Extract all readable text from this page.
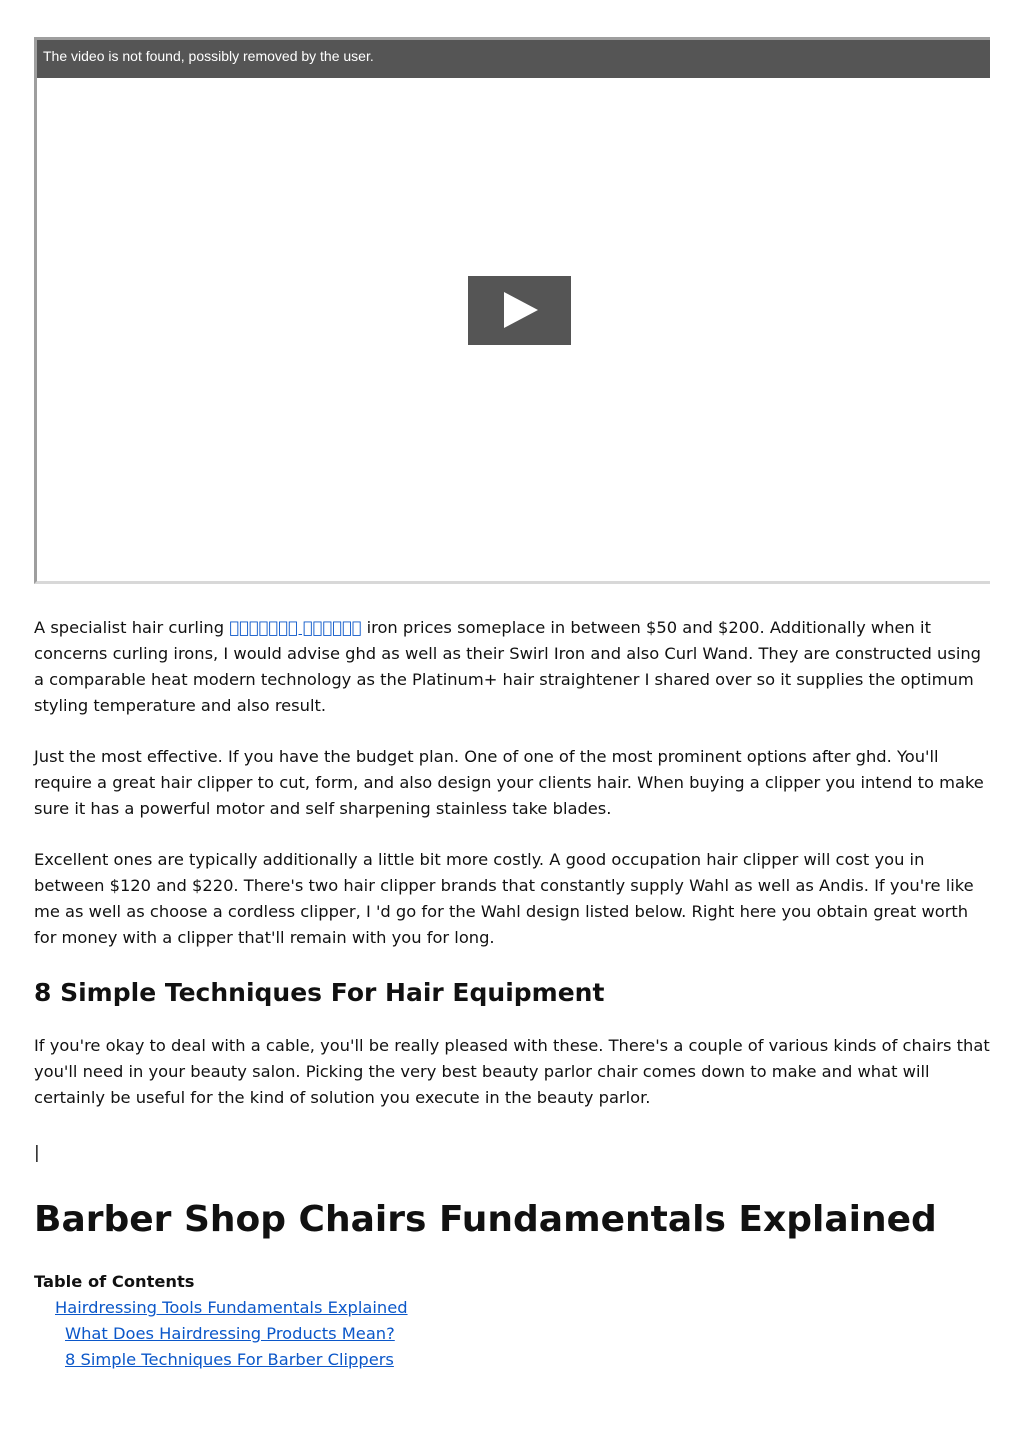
The video is not found, possibly removed by the user.

A specialist hair curling                iron prices someplace in between $50 and $200. Additionally when it concerns curling irons, I would advise ghd as well as their Swirl Iron and also Curl Wand. They are constructed using a comparable heat modern technology as the Platinum+ hair straightener I shared over so it supplies the optimum styling temperature and also result.

Just the most effective. If you have the budget plan. One of one of the most prominent options after ghd. You'll require a great hair clipper to cut, form, and also design your clients hair. When buying a clipper you intend to make sure it has a powerful motor and self sharpening stainless take blades.

Excellent ones are typically additionally a little bit more costly. A good occupation hair clipper will cost you in between $120 and $220. There's two hair clipper brands that constantly supply Wahl as well as Andis. If you're like me as well as choose a cordless clipper, I 'd go for the Wahl design listed below. Right here you obtain great worth for money with a clipper that'll remain with you for long.

8 Simple Techniques For Hair Equipment

If you're okay to deal with a cable, you'll be really pleased with these. There's a couple of various kinds of chairs that you'll need in your beauty salon. Picking the very best beauty parlor chair comes down to make and what will certainly be useful for the kind of solution you execute in the beauty parlor.

|
Barber Shop Chairs Fundamentals Explained
Table of Contents
Hairdressing Tools Fundamentals Explained
What Does Hairdressing Products Mean?
8 Simple Techniques For Barber Clippers
